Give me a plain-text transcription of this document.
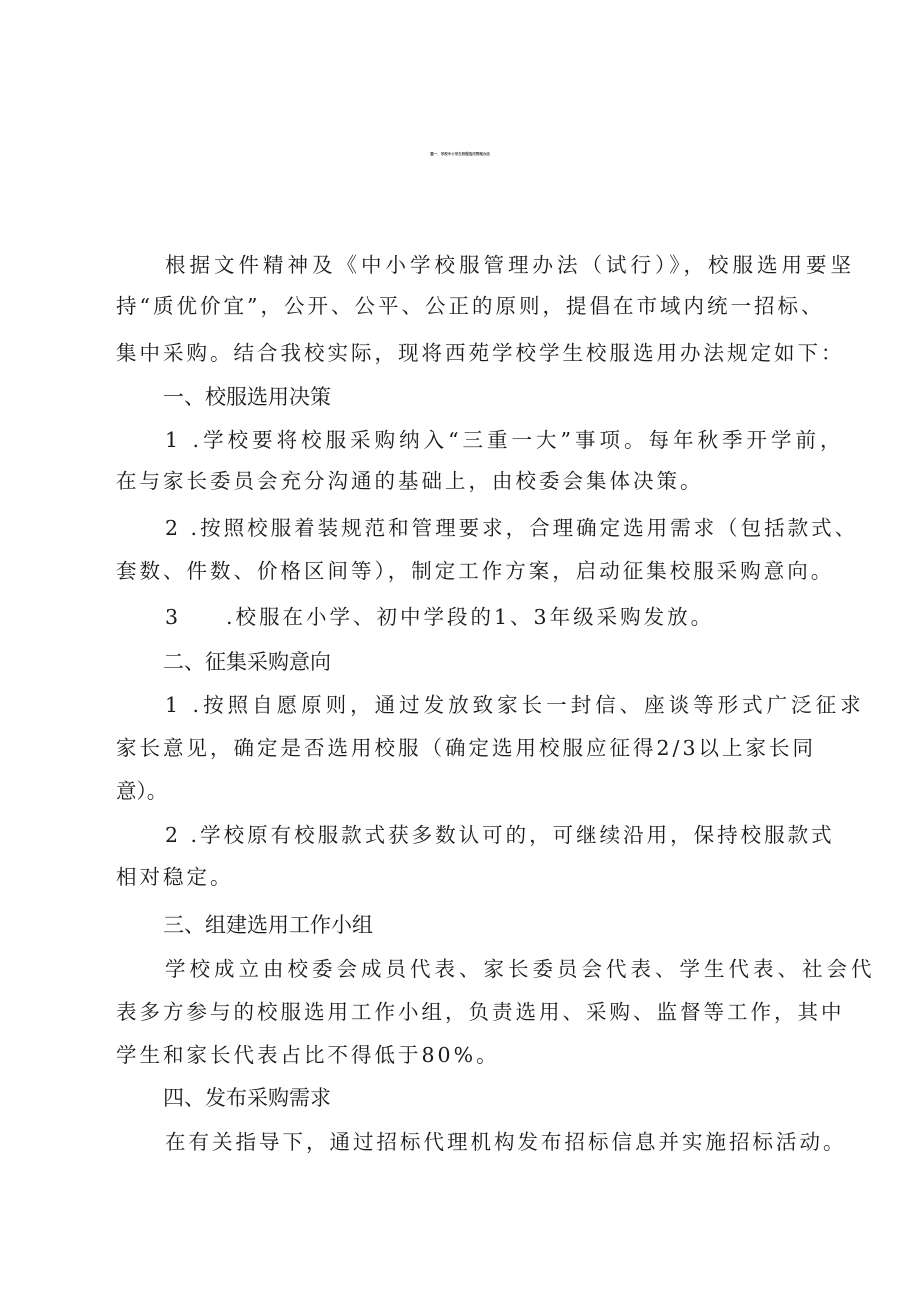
篇一、学校中小学生校服选用管理办法
根据文件精神及《中小学校服管理办法（试行）》，校服选用要坚
持“质优价宜”，公开、公平、公正的原则，提倡在市域内统一招标、
集中采购。结合我校实际，现将西苑学校学生校服选用办法规定如下：
一、校服选用决策
1 .学校要将校服采购纳入“三重一大”事项。每年秋季开学前，
在与家长委员会充分沟通的基础上，由校委会集体决策。
2 .按照校服着装规范和管理要求，合理确定选用需求（包括款式、
套数、件数、价格区间等），制定工作方案，启动征集校服采购意向。
3 .校服在小学、初中学段的1、3年级采购发放。
二、征集采购意向
1 .按照自愿原则，通过发放致家长一封信、座谈等形式广泛征求
家长意见，确定是否选用校服（确定选用校服应征得2/3以上家长同
意）。
2 .学校原有校服款式获多数认可的，可继续沿用，保持校服款式
相对稳定。
三、组建选用工作小组
学校成立由校委会成员代表、家长委员会代表、学生代表、社会代
表多方参与的校服选用工作小组，负责选用、采购、监督等工作，其中
学生和家长代表占比不得低于80%。
四、发布采购需求
在有关指导下，通过招标代理机构发布招标信息并实施招标活动。
